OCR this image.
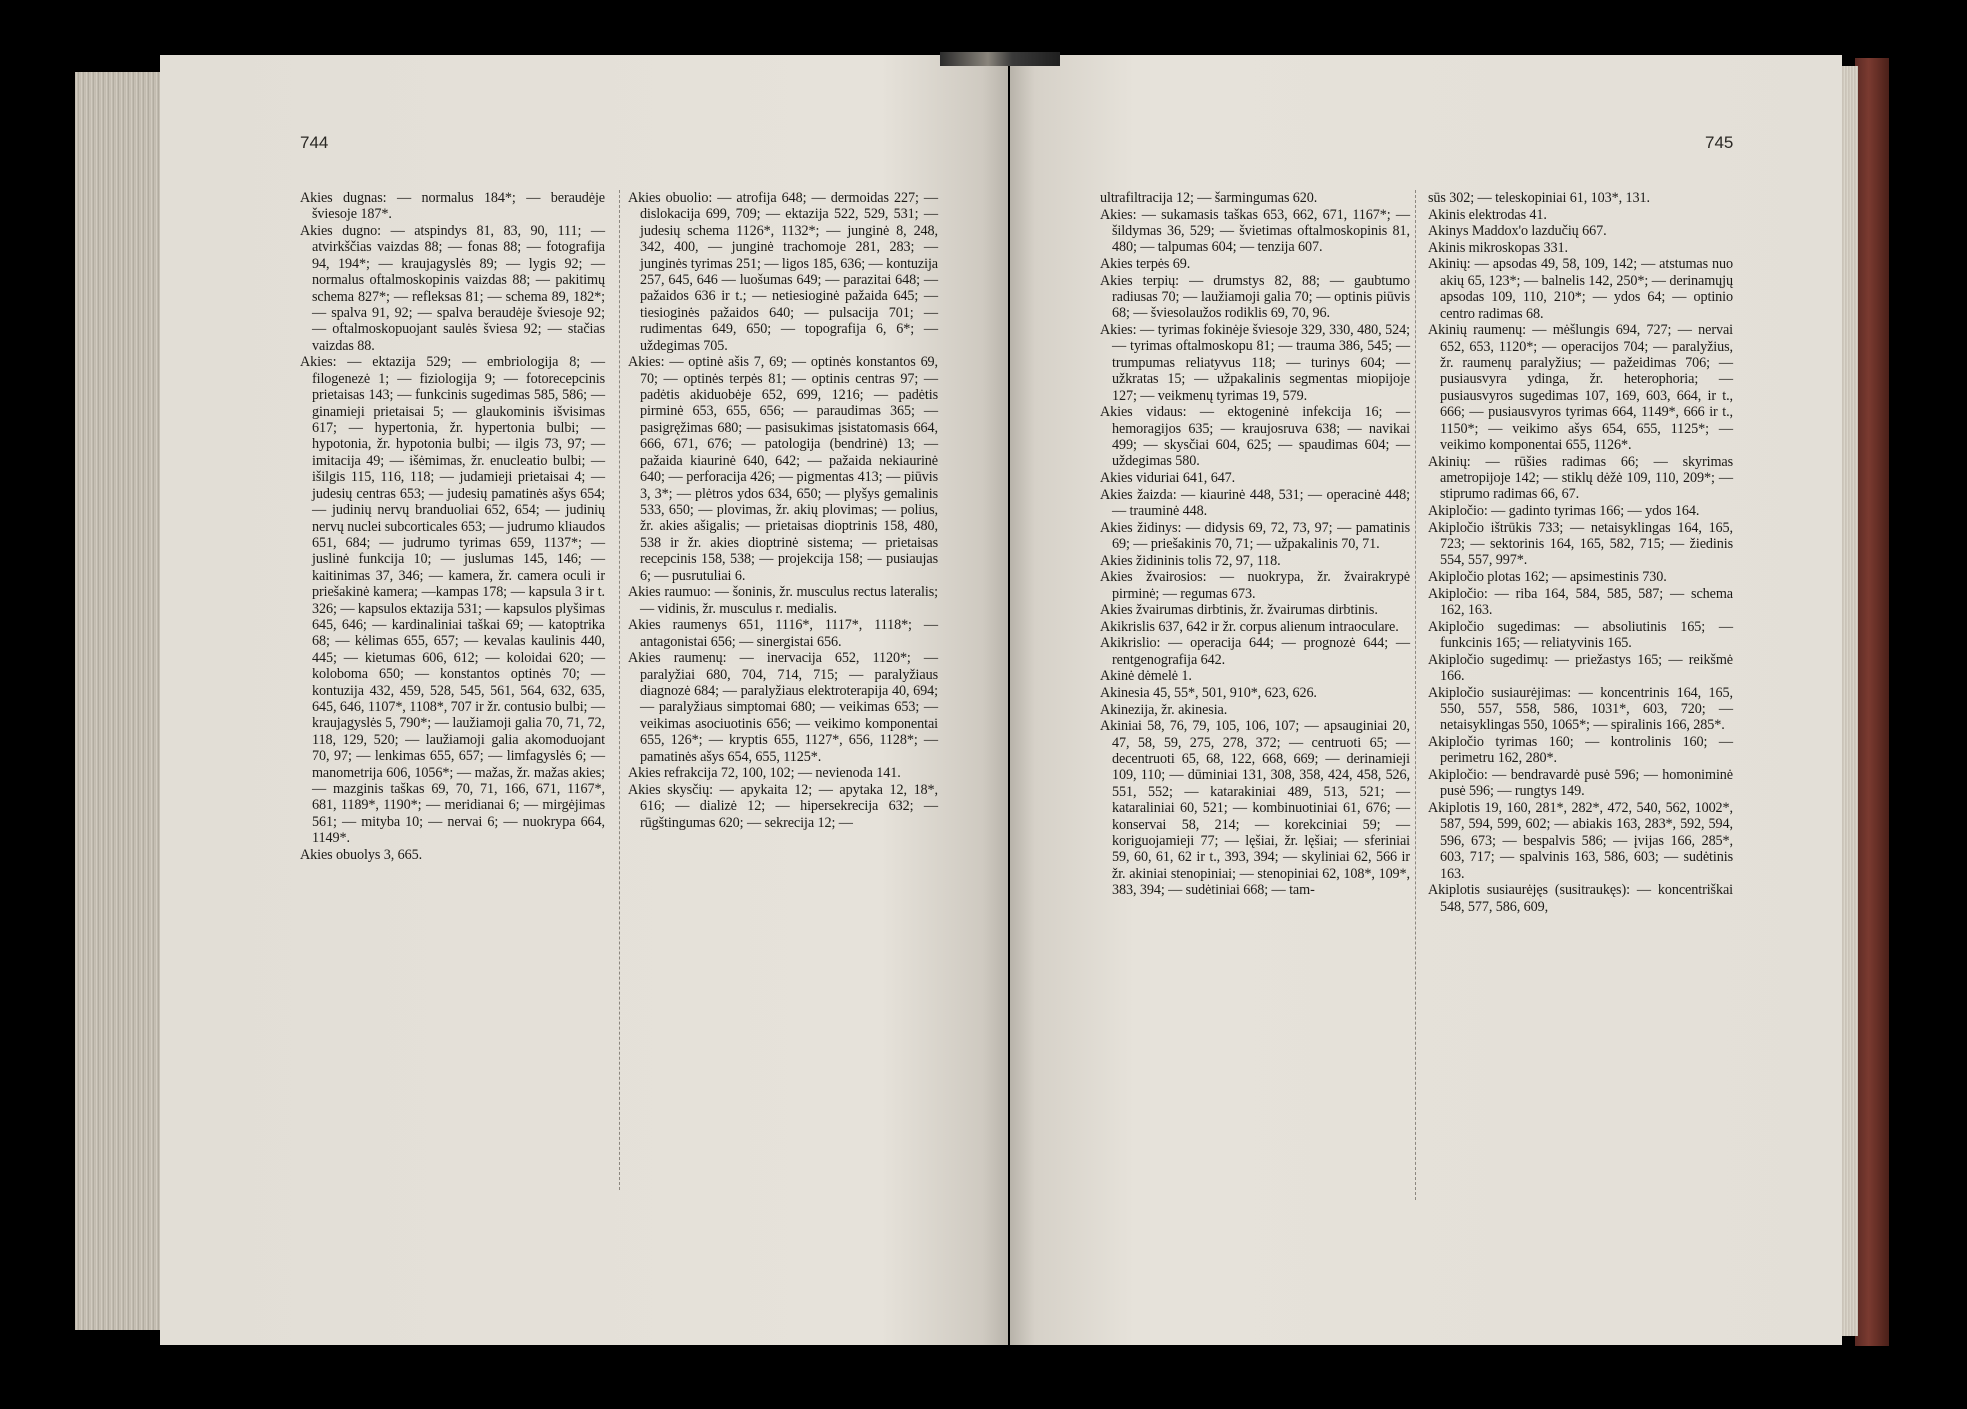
744	745

Akies dugnas: — normalus 184*; — beraudėje šviesoje 187*.

Akies dugno: — atspindys 81, 83, 90, 111; — atvirkščias vaizdas 88; — fonas 88; — fotografija 94, 194*; — kraujagyslės 89; — lygis 92; — normalus oftalmoskopinis vaizdas 88; — pakitimų schema 827*; — refleksas 81; — schema 89, 182*; — spalva 91, 92; — spalva beraudėje šviesoje 92; — oftalmoskopuojant saulės šviesa 92; — stačias vaizdas 88.

Akies: — ektazija 529; — embriologija 8; — filogenezė 1; — fiziologija 9; — fotorecepcinis prietaisas 143; — funkcinis sugedimas 585, 586; — ginamieji prietaisai 5; — glaukominis išvisimas 617; — hypertonia, žr. hypertonia bulbi; — hypotonia, žr. hypotonia bulbi; — ilgis 73, 97; — imitacija 49; — išėmimas, žr. enucleatio bulbi; — išilgis 115, 116, 118; — judamieji prietaisai 4; — judesių centras 653; — judesių pamatinės ašys 654; — judinių nervų branduoliai 652, 654; — judinių nervų nuclei subcorticales 653; — judrumo kliaudos 651, 684; — judrumo tyrimas 659, 1137*; — juslinė funkcija 10; — juslumas 145, 146; — kaitinimas 37, 346; — kamera, žr. camera oculi ir priešakinė kamera; —kampas 178; — kapsula 3 ir t. 326; — kapsulos ektazija 531; — kapsulos plyšimas 645, 646; — kardinaliniai taškai 69; — katoptrika 68; — kėlimas 655, 657; — kevalas kaulinis 440, 445; — kietumas 606, 612; — koloidai 620; — koloboma 650; — konstantos optinės 70; — kontuzija 432, 459, 528, 545, 561, 564, 632, 635, 645, 646, 1107*, 1108*, 707 ir žr. contusio bulbi; — kraujagyslės 5, 790*; — laužiamoji galia 70, 71, 72, 118, 129, 520; — laužiamoji galia akomoduojant 70, 97; — lenkimas 655, 657; — limfagyslės 6; — manometrija 606, 1056*; — mažas, žr. mažas akies; — mazginis taškas 69, 70, 71, 166, 671, 1167*, 681, 1189*, 1190*; — meridianai 6; — mirgėjimas 561; — mityba 10; — nervai 6; — nuokrypa 664, 1149*.

Akies obuolys 3, 665.

Akies obuolio: — atrofija 648; — dermoidas 227; — dislokacija 699, 709; — ektazija 522, 529, 531; — judesių schema 1126*, 1132*; — junginė 8, 248, 342, 400, — junginė trachomoje 281, 283; — junginės tyrimas 251; — ligos 185, 636; — kontuzija 257, 645, 646 — luošumas 649; — parazitai 648; — pažaidos 636 ir t.; — netiesioginė pažaida 645; — tiesioginės pažaidos 640; — pulsacija 701; — rudimentas 649, 650; — topografija 6, 6*; — uždegimas 705.

Akies: — optinė ašis 7, 69; — optinės konstantos 69, 70; — optinės terpės 81; — optinis centras 97; — padėtis akiduobėje 652, 699, 1216; — padėtis pirminė 653, 655, 656; — paraudimas 365; — pasigręžimas 680; — pasisukimas įsistatomasis 664, 666, 671, 676; — patologija (bendrinė) 13; — pažaida kiaurinė 640, 642; — pažaida nekiaurinė 640; — perforacija 426; — pigmentas 413; — piūvis 3, 3*; — plėtros ydos 634, 650; — plyšys gemalinis 533, 650; — plovimas, žr. akių plovimas; — polius, žr. akies ašigalis; — prietaisas dioptrinis 158, 480, 538 ir žr. akies dioptrinė sistema; — prietaisas recepcinis 158, 538; — projekcija 158; — pusiaujas 6; — pusrutuliai 6.

Akies raumuo: — šoninis, žr. musculus rectus lateralis; — vidinis, žr. musculus r. medialis.

Akies raumenys 651, 1116*, 1117*, 1118*; — antagonistai 656; — sinergistai 656.

Akies raumenų: — inervacija 652, 1120*; — paralyžiai 680, 704, 714, 715; — paralyžiaus diagnozė 684; — paralyžiaus elektroterapija 40, 694; — paralyžiaus simptomai 680; — veikimas 653; — veikimas asociuotinis 656; — veikimo komponentai 655, 126*; — kryptis 655, 1127*, 656, 1128*; — pamatinės ašys 654, 655, 1125*.

Akies refrakcija 72, 100, 102; — nevienoda 141.

Akies skysčių: — apykaita 12; — apytaka 12, 18*, 616; — dializė 12; — hipersekrecija 632; — rūgštingumas 620; — sekrecija 12; —

ultrafiltracija 12; — šarmingumas 620.

Akies: — sukamasis taškas 653, 662, 671, 1167*; — šildymas 36, 529; — švietimas oftalmoskopinis 81, 480; — talpumas 604; — tenzija 607.

Akies terpės 69.

Akies terpių: — drumstys 82, 88; — gaubtumo radiusas 70; — laužiamoji galia 70; — optinis piūvis 68; — šviesolaužos rodiklis 69, 70, 96.

Akies: — tyrimas fokinėje šviesoje 329, 330, 480, 524; — tyrimas oftalmoskopu 81; — trauma 386, 545; — trumpumas reliatyvus 118; — turinys 604; — užkratas 15; — užpakalinis segmentas miopijoje 127; — veikmenų tyrimas 19, 579.

Akies vidaus: — ektogeninė infekcija 16; — hemoragijos 635; — kraujosruva 638; — navikai 499; — skysčiai 604, 625; — spaudimas 604; — uždegimas 580.

Akies viduriai 641, 647.

Akies žaizda: — kiaurinė 448, 531; — operacinė 448; — trauminė 448.

Akies židinys: — didysis 69, 72, 73, 97; — pamatinis 69; — priešakinis 70, 71; — užpakalinis 70, 71.

Akies židininis tolis 72, 97, 118.

Akies žvairosios: — nuokrypa, žr. žvairakrypė pirminė; — regumas 673.

Akies žvairumas dirbtinis, žr. žvairumas dirbtinis.

Akikrislis 637, 642 ir žr. corpus alienum intraoculare.

Akikrislio: — operacija 644; — prognozė 644; — rentgenografija 642.

Akinė dėmelė 1.

Akinesia 45, 55*, 501, 910*, 623, 626.

Akinezija, žr. akinesia.

Akiniai 58, 76, 79, 105, 106, 107; — apsauginiai 20, 47, 58, 59, 275, 278, 372; — centruoti 65; — decentruoti 65, 68, 122, 668, 669; — derinamieji 109, 110; — dūminiai 131, 308, 358, 424, 458, 526, 551, 552; — katarakiniai 489, 513, 521; — kataraliniai 60, 521; — kombinuotiniai 61, 676; — konservai 58, 214; — korekciniai 59; — koriguojamieji 77; — lęšiai, žr. lęšiai; — sferiniai 59, 60, 61, 62 ir t., 393, 394; — skyliniai 62, 566 ir žr. akiniai stenopiniai; — stenopiniai 62, 108*, 109*, 383, 394; — sudėtiniai 668; — tam-

sūs 302; — teleskopiniai 61, 103*, 131.

Akinis elektrodas 41.

Akinys Maddox'o lazdučių 667.

Akinis mikroskopas 331.

Akinių: — apsodas 49, 58, 109, 142; — atstumas nuo akių 65, 123*; — balnelis 142, 250*; — derinamųjų apsodas 109, 110, 210*; — ydos 64; — optinio centro radimas 68.

Akinių raumenų: — mėšlungis 694, 727; — nervai 652, 653, 1120*; — operacijos 704; — paralyžius, žr. raumenų paralyžius; — pažeidimas 706; — pusiausvyra ydinga, žr. heterophoria; — pusiausvyros sugedimas 107, 169, 603, 664, ir t., 666; — pusiausvyros tyrimas 664, 1149*, 666 ir t., 1150*; — veikimo ašys 654, 655, 1125*; — veikimo komponentai 655, 1126*.

Akinių: — rūšies radimas 66; — skyrimas ametropijoje 142; — stiklų dėžė 109, 110, 209*; — stiprumo radimas 66, 67.

Akipločio: — gadinto tyrimas 166; — ydos 164.

Akipločio ištrūkis 733; — netaisyklingas 164, 165, 723; — sektorinis 164, 165, 582, 715; — žiedinis 554, 557, 997*.

Akipločio plotas 162; — apsimestinis 730.

Akipločio: — riba 164, 584, 585, 587; — schema 162, 163.

Akipločio sugedimas: — absoliutinis 165; — funkcinis 165; — reliatyvinis 165.

Akipločio sugedimų: — priežastys 165; — reikšmė 166.

Akipločio susiaurėjimas: — koncentrinis 164, 165, 550, 557, 558, 586, 1031*, 603, 720; — netaisyklingas 550, 1065*; — spiralinis 166, 285*.

Akipločio tyrimas 160; — kontrolinis 160; — perimetru 162, 280*.

Akipločio: — bendravardė pusė 596; — homoniminė pusė 596; — rungtys 149.

Akiplotis 19, 160, 281*, 282*, 472, 540, 562, 1002*, 587, 594, 599, 602; — abiakis 163, 283*, 592, 594, 596, 673; — bespalvis 586; — įvijas 166, 285*, 603, 717; — spalvinis 163, 586, 603; — sudėtinis 163.

Akiplotis susiaurėjęs (susitraukęs): — koncentriškai 548, 577, 586, 609,
